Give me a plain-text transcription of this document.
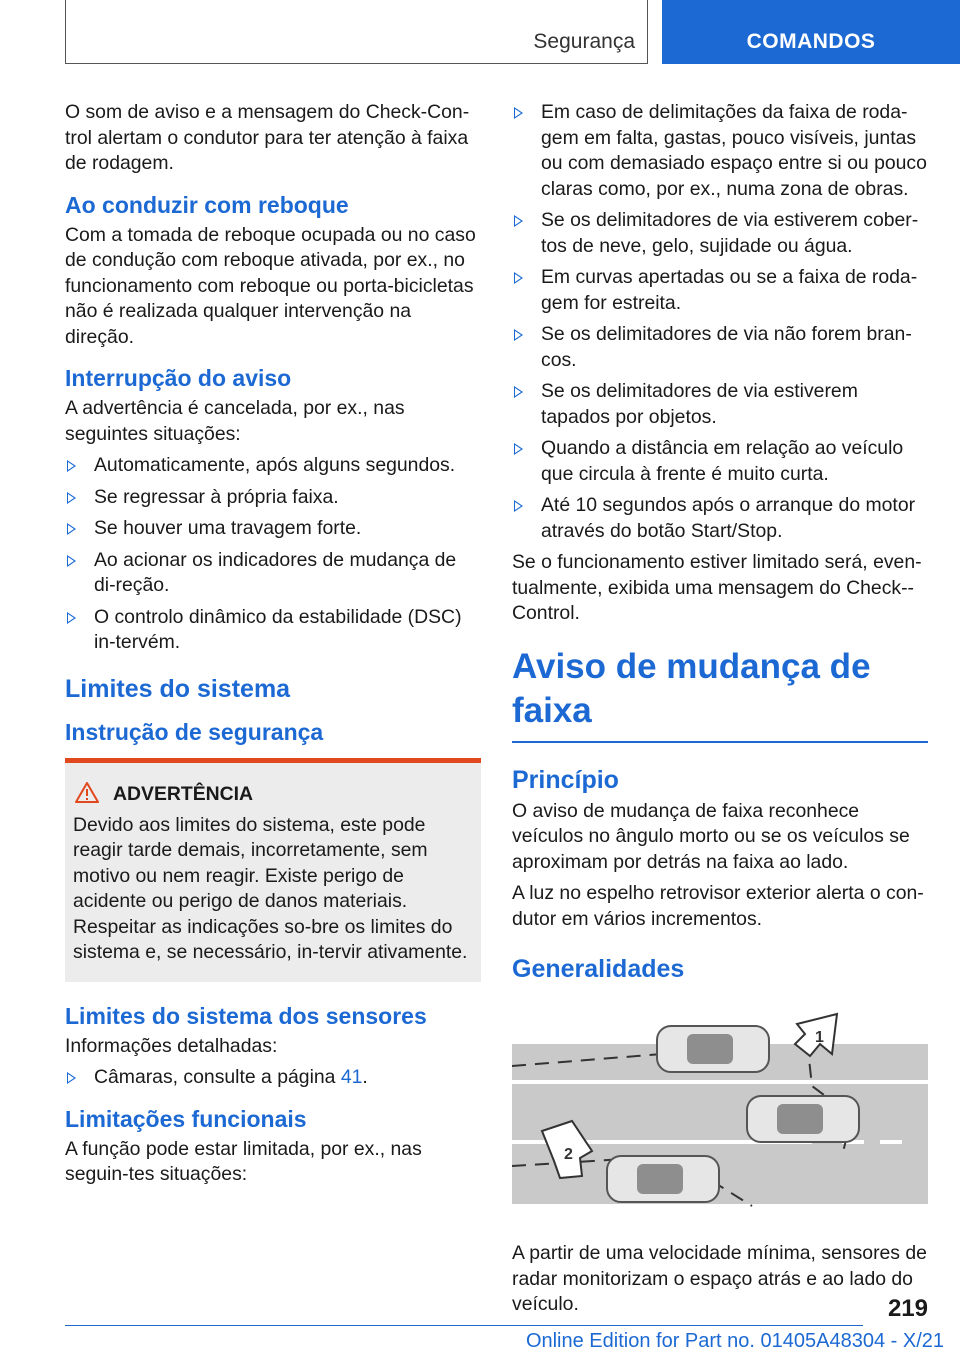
Segurança	COMANDOS

O som de aviso e a mensagem do Check-Con-trol alertam o condutor para ter atenção à faixa de rodagem.

Ao conduzir com reboque

Com a tomada de reboque ocupada ou no caso de condução com reboque ativada, por ex., no funcionamento com reboque ou porta-bicicletas não é realizada qualquer intervenção na direção.

Interrupção do aviso

A advertência é cancelada, por ex., nas seguintes situações:

Automaticamente, após alguns segundos.
Se regressar à própria faixa.
Se houver uma travagem forte.
Ao acionar os indicadores de mudança de di-reção.
O controlo dinâmico da estabilidade (DSC) in-tervém.
Limites do sistema
Instrução de segurança
ADVERTÊNCIA

Devido aos limites do sistema, este pode reagir tarde demais, incorretamente, sem motivo ou nem reagir. Existe perigo de acidente ou perigo de danos materiais. Respeitar as indicações so-bre os limites do sistema e, se necessário, in-tervir ativamente.

Limites do sistema dos sensores

Informações detalhadas:

Câmaras, consulte a página 41.
Limitações funcionais

A função pode estar limitada, por ex., nas seguin-tes situações:

Em caso de delimitações da faixa de roda-gem em falta, gastas, pouco visíveis, juntas ou com demasiado espaço entre si ou pouco claras como, por ex., numa zona de obras.
Se os delimitadores de via estiverem cober-tos de neve, gelo, sujidade ou água.
Em curvas apertadas ou se a faixa de roda-gem for estreita.
Se os delimitadores de via não forem bran-cos.
Se os delimitadores de via estiverem tapados por objetos.
Quando a distância em relação ao veículo que circula à frente é muito curta.
Até 10 segundos após o arranque do motor através do botão Start/Stop.

Se o funcionamento estiver limitado será, even-tualmente, exibida uma mensagem do Check--Control.

Aviso de mudança de faixa
Princípio

O aviso de mudança de faixa reconhece veículos no ângulo morto ou se os veículos se aproximam por detrás na faixa ao lado.

A luz no espelho retrovisor exterior alerta o con-dutor em vários incrementos.

Generalidades
1
2

A partir de uma velocidade mínima, sensores de radar monitorizam o espaço atrás e ao lado do veículo.	219
Online Edition for Part no. 01405A48304 - X/21
